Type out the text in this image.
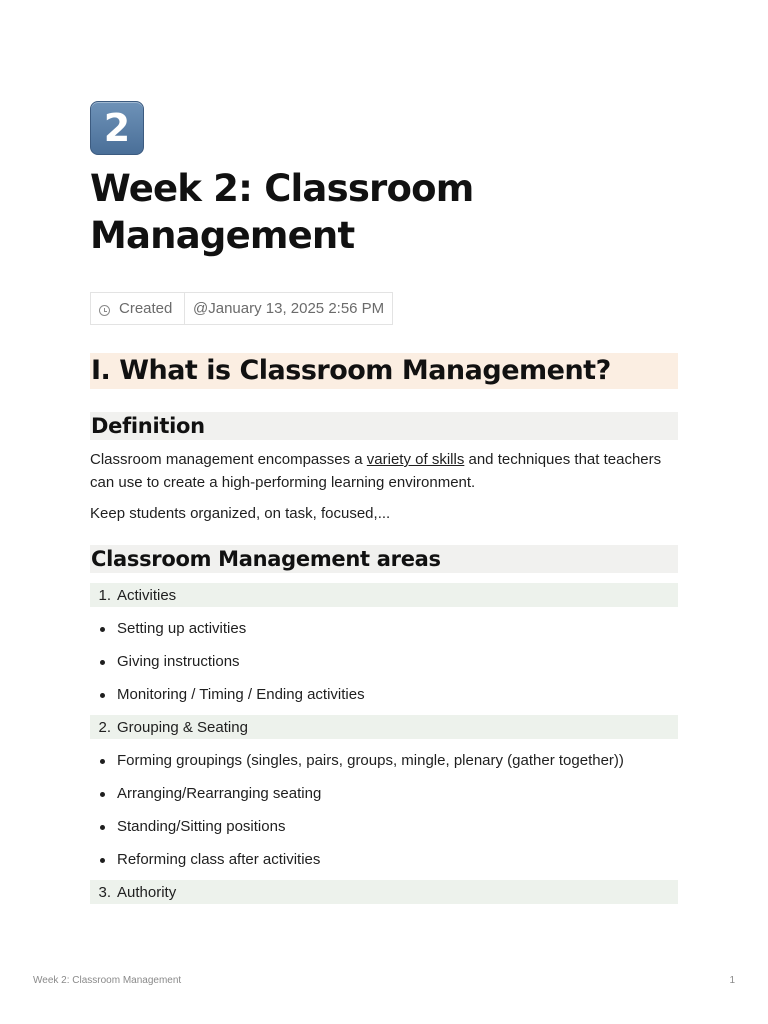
2
Week 2: Classroom Management
Created @January 13, 2025 2:56 PM
I. What is Classroom Management?
Definition

Classroom management encompasses a variety of skills and techniques that teachers can use to create a high-performing learning environment.

Keep students organized, on task, focused,...

Classroom Management areas
1. Activities
Setting up activities
Giving instructions
Monitoring / Timing / Ending activities
2. Grouping & Seating
Forming groupings (singles, pairs, groups, mingle, plenary (gather together))
Arranging/Rearranging seating
Standing/Sitting positions
Reforming class after activities
3. Authority
Week 2: Classroom Management	1
